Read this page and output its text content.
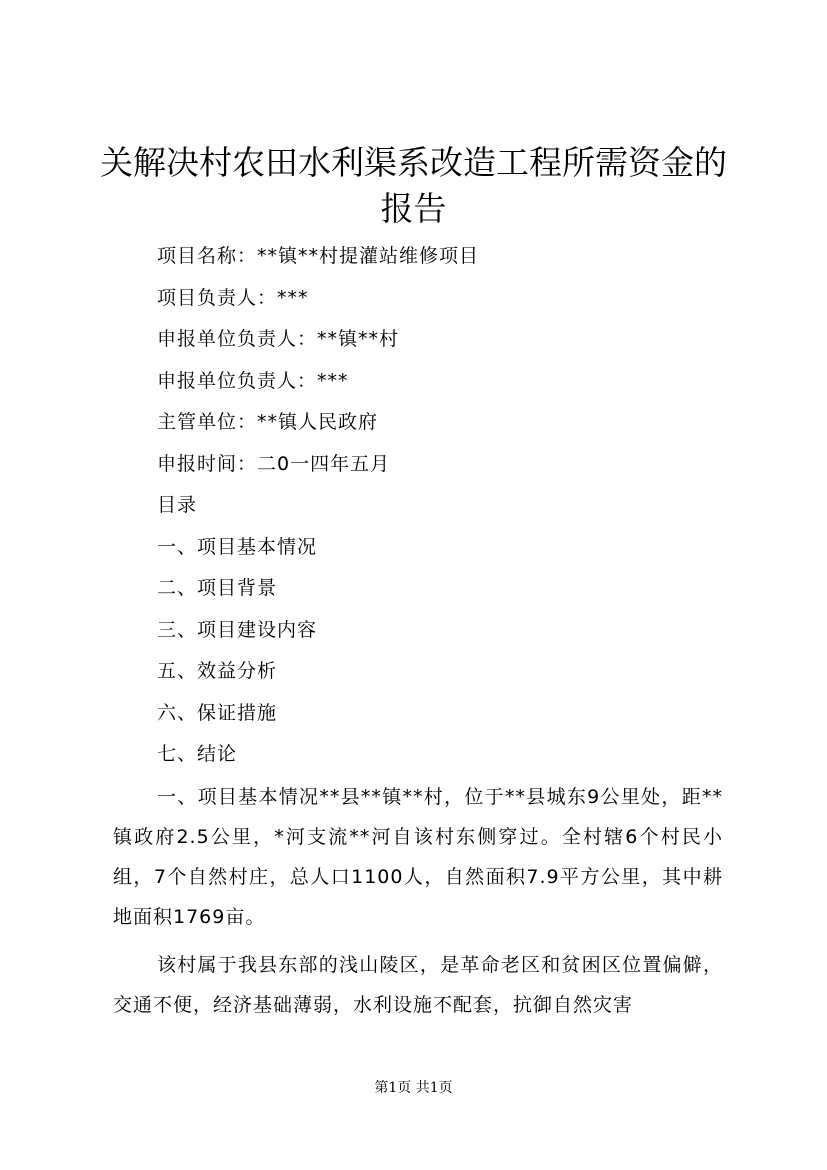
关解决村农田水利渠系改造工程所需资金的报告
项目名称：**镇**村提灌站维修项目
项目负责人：***
申报单位负责人：**镇**村
申报单位负责人：***
主管单位：**镇人民政府
申报时间：二0一四年五月
目录
一、项目基本情况
二、项目背景
三、项目建设内容
五、效益分析
六、保证措施
七、结论

一、项目基本情况**县**镇**村，位于**县城东9公里处，距**镇政府2.5公里，*河支流**河自该村东侧穿过。全村辖6个村民小组，7个自然村庄，总人口1100人，自然面积7.9平方公里，其中耕地面积1769亩。

该村属于我县东部的浅山陵区，是革命老区和贫困区位置偏僻，交通不便，经济基础薄弱，水利设施不配套，抗御自然灾害

第1页 共1页
